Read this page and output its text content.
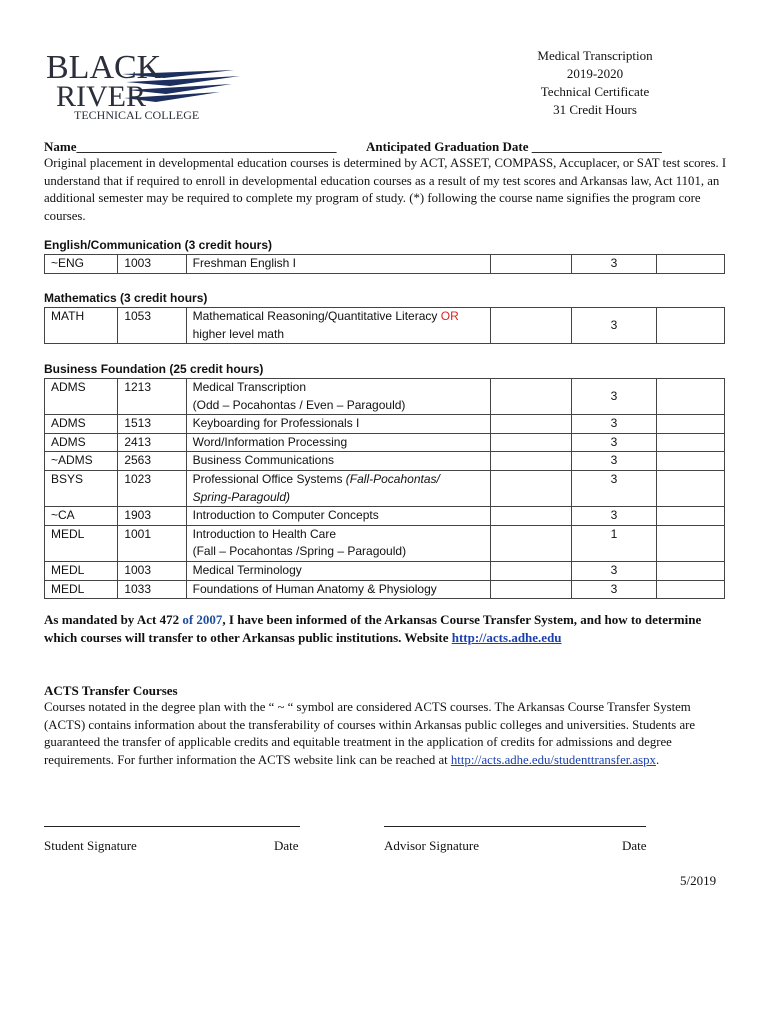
BLACK
RIVER
TECHNICAL COLLEGE
Medical Transcription
2019-2020
Technical Certificate
31 Credit Hours
Name________________________________________ Anticipated Graduation Date ____________________
Original placement in developmental education courses is determined by ACT, ASSET, COMPASS, Accuplacer, or SAT test scores. I understand that if required to enroll in developmental education courses as a result of my test scores and Arkansas law, Act 1101, an additional semester may be required to complete my program of study. (*) following the course name signifies the program core courses.
English/Communication (3 credit hours)
~ENG	1003	Freshman English I		3	
Mathematics (3 credit hours)
MATH	1053	Mathematical Reasoning/Quantitative Literacy OR
higher level math		3	
Business Foundation (25 credit hours)
ADMS	1213	Medical Transcription
(Odd – Pocahontas / Even – Paragould)		3	
ADMS	1513	Keyboarding for Professionals I		3	
ADMS	2413	Word/Information Processing		3	
~ADMS	2563	Business Communications		3	
BSYS	1023	Professional Office Systems (Fall-Pocahontas/
Spring-Paragould)		3	
~CA	1903	Introduction to Computer Concepts		3	
MEDL	1001	Introduction to Health Care
(Fall – Pocahontas /Spring – Paragould)		1	
MEDL	1003	Medical Terminology		3	
MEDL	1033	Foundations of Human Anatomy & Physiology		3	
As mandated by Act 472 of 2007, I have been informed of the Arkansas Course Transfer System, and how to determine which courses will transfer to other Arkansas public institutions. Website http://acts.adhe.edu
ACTS Transfer Courses
Courses notated in the degree plan with the “ ~ “ symbol are considered ACTS courses. The Arkansas Course Transfer System (ACTS) contains information about the transferability of courses within Arkansas public colleges and universities. Students are guaranteed the transfer of applicable credits and equitable treatment in the application of credits for admissions and degree requirements. For further information the ACTS website link can be reached at http://acts.adhe.edu/studenttransfer.aspx.
Student Signature	Date	Advisor Signature	Date
5/2019
